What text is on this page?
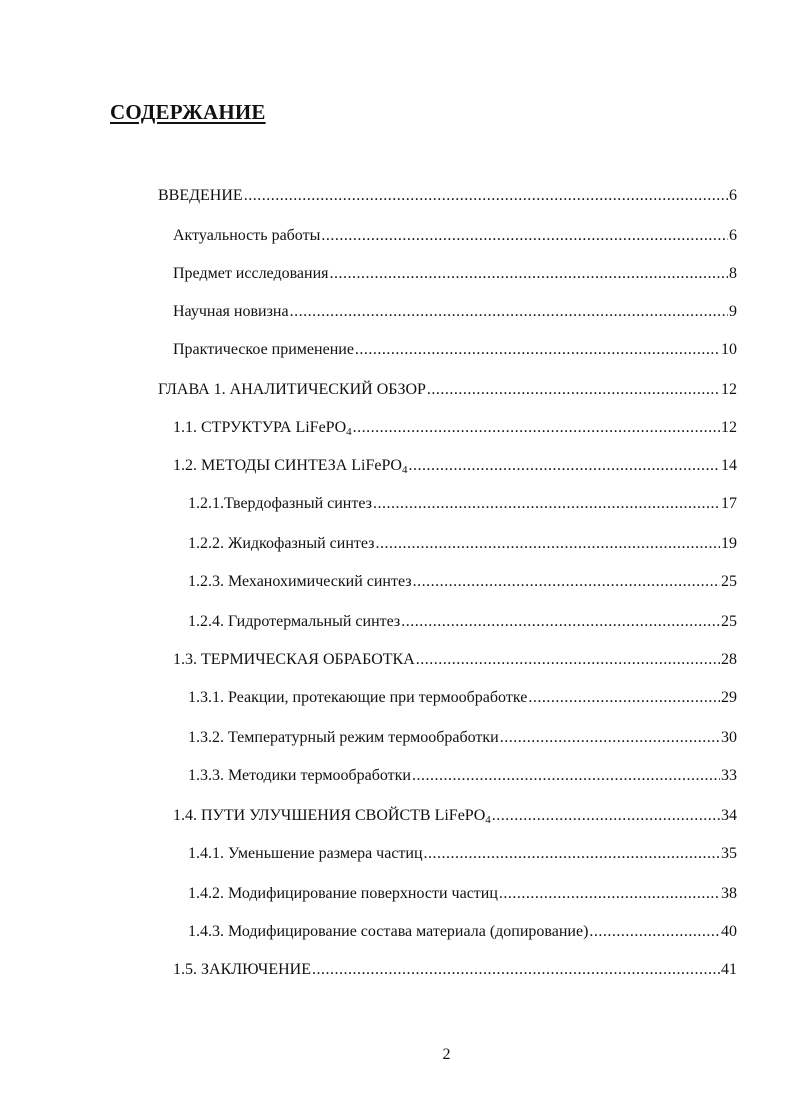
СОДЕРЖАНИЕ
ВВЕДЕНИЕ .....	6
Актуальность работы .....	6
Предмет исследования .....	8
Научная новизна .....	9
Практическое применение .....	10
ГЛАВА 1. АНАЛИТИЧЕСКИЙ ОБЗОР .....	12
1.1. СТРУКТУРА LiFePO$_4$ .....	12
1.2. МЕТОДЫ СИНТЕЗА LiFePO$_4$ .....	14
1.2.1.Твердофазный синтез .....	17
1.2.2. Жидкофазный синтез .....	19
1.2.3. Механохимический синтез .....	25
1.2.4. Гидротермальный синтез .....	25
1.3. ТЕРМИЧЕСКАЯ ОБРАБОТКА .....	28
1.3.1. Реакции, протекающие при термообработке .....	29
1.3.2. Температурный режим термообработки .....	30
1.3.3. Методики термообработки .....	33
1.4. ПУТИ УЛУЧШЕНИЯ СВОЙСТВ LiFePO$_4$ .....	34
1.4.1. Уменьшение размера частиц .....	35
1.4.2. Модифицирование поверхности частиц .....	38
1.4.3. Модифицирование состава материала (допирование) .....	40
1.5. ЗАКЛЮЧЕНИЕ .....	41
2
